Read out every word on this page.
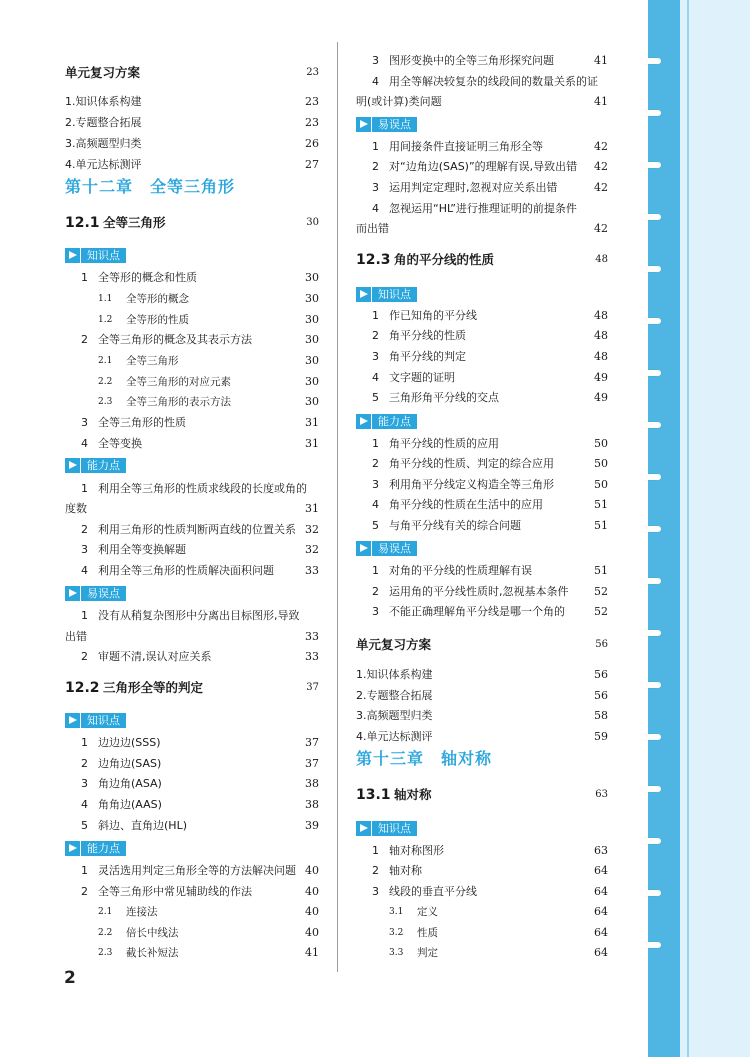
单元复习方案	23
1.知识体系构建	23
2.专题整合拓展	23
3.高频题型归类	26
4.单元达标测评	27
第十二章　全等三角形
12.1 全等三角形	30
知识点
1 全等形的概念和性质	30
1.1 全等形的概念	30
1.2 全等形的性质	30
2 全等三角形的概念及其表示方法	30
2.1 全等三角形	30
2.2 全等三角形的对应元素	30
2.3 全等三角形的表示方法	30
3 全等三角形的性质	31
4 全等变换	31
能力点
1 利用全等三角形的性质求线段的长度或角的
度数	31
2 利用三角形的性质判断两直线的位置关系 32
3 利用全等变换解题	32
4 利用全等三角形的性质解决面积问题	33
易误点
1 没有从稍复杂图形中分离出目标图形,导致
出错	33
2 审题不清,误认对应关系	33
12.2 三角形全等的判定	37
知识点
1 边边边(SSS)	37
2 边角边(SAS)	37
3 角边角(ASA)	38
4 角角边(AAS)	38
5 斜边、直角边(HL)	39
能力点
1 灵活选用判定三角形全等的方法解决问题 40
2 全等三角形中常见辅助线的作法	40
2.1 连接法	40
2.2 倍长中线法	40
2.3 截长补短法	41
3 图形变换中的全等三角形探究问题	41
4 用全等解决较复杂的线段间的数量关系的证
明(或计算)类问题	41
易误点
1 用间接条件直接证明三角形全等	42
2 对“边角边(SAS)”的理解有误,导致出错 42
3 运用判定定理时,忽视对应关系出错	42
4 忽视运用“HL”进行推理证明的前提条件
而出错	42
12.3 角的平分线的性质	48
知识点
1 作已知角的平分线	48
2 角平分线的性质	48
3 角平分线的判定	48
4 文字题的证明	49
5 三角形角平分线的交点	49
能力点
1 角平分线的性质的应用	50
2 角平分线的性质、判定的综合应用	50
3 利用角平分线定义构造全等三角形	50
4 角平分线的性质在生活中的应用	51
5 与角平分线有关的综合问题	51
易误点
1 对角的平分线的性质理解有误	51
2 运用角的平分线性质时,忽视基本条件 52
3 不能正确理解角平分线是哪一个角的	52
单元复习方案	56
1.知识体系构建	56
2.专题整合拓展	56
3.高频题型归类	58
4.单元达标测评	59
第十三章　轴对称
13.1 轴对称	63
知识点
1 轴对称图形	63
2 轴对称	64
3 线段的垂直平分线	64
3.1 定义	64
3.2 性质	64
3.3 判定	64
2
